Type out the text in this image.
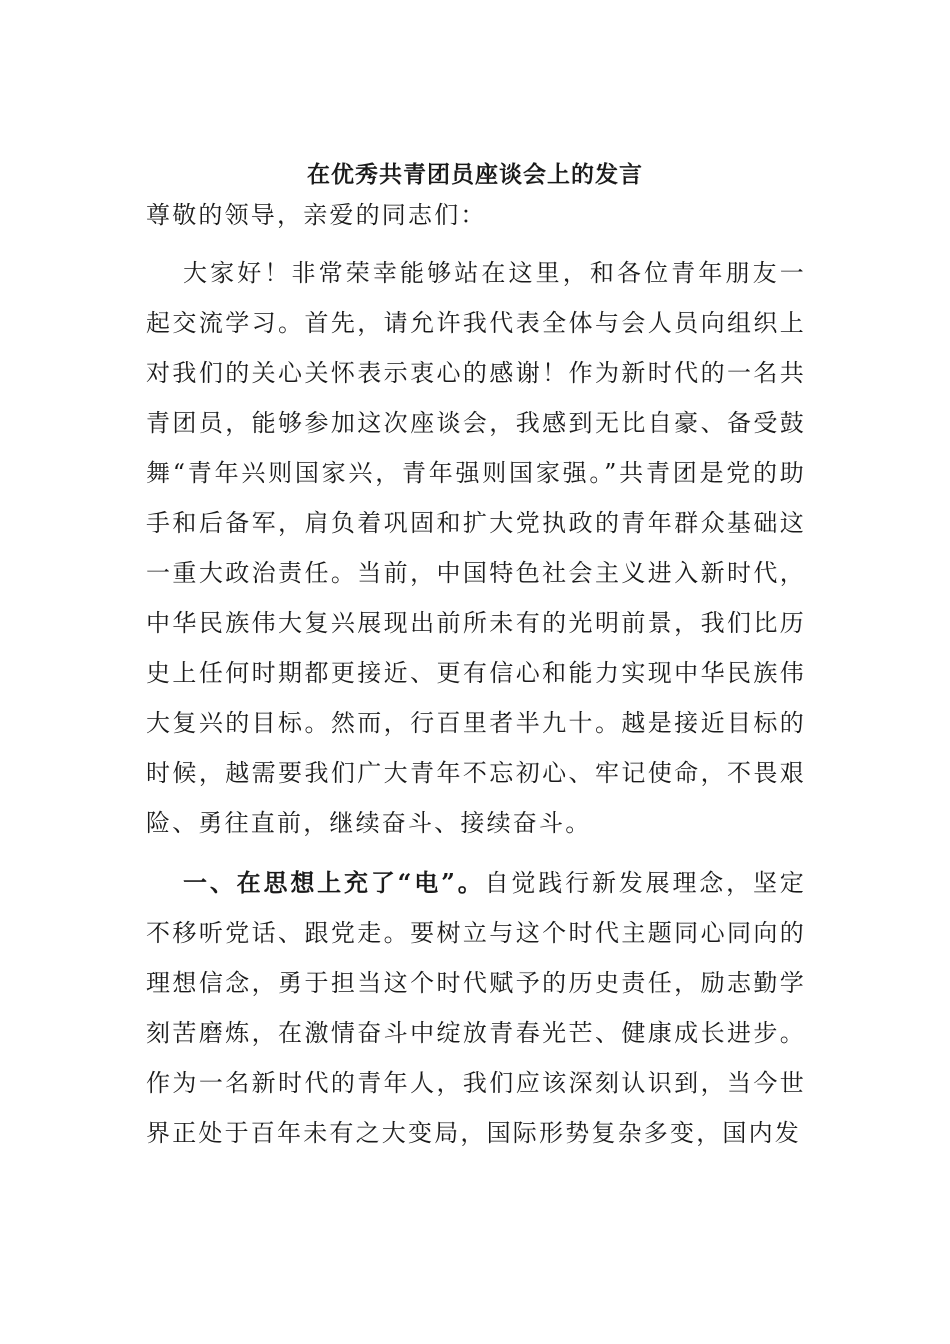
在优秀共青团员座谈会上的发言

尊敬的领导，亲爱的同志们：

大家好！非常荣幸能够站在这里，和各位青年朋友一起交流学习。首先，请允许我代表全体与会人员向组织上对我们的关心关怀表示衷心的感谢！作为新时代的一名共青团员，能够参加这次座谈会，我感到无比自豪、备受鼓舞“青年兴则国家兴，青年强则国家强。”共青团是党的助手和后备军，肩负着巩固和扩大党执政的青年群众基础这一重大政治责任。当前，中国特色社会主义进入新时代，中华民族伟大复兴展现出前所未有的光明前景，我们比历史上任何时期都更接近、更有信心和能力实现中华民族伟大复兴的目标。然而，行百里者半九十。越是接近目标的时候，越需要我们广大青年不忘初心、牢记使命，不畏艰险、勇往直前，继续奋斗、接续奋斗。

一、在思想上充了“电”。自觉践行新发展理念，坚定不移听党话、跟党走。要树立与这个时代主题同心同向的理想信念，勇于担当这个时代赋予的历史责任，励志勤学刻苦磨炼，在激情奋斗中绽放青春光芒、健康成长进步。作为一名新时代的青年人，我们应该深刻认识到，当今世界正处于百年未有之大变局，国际形势复杂多变，国内发
